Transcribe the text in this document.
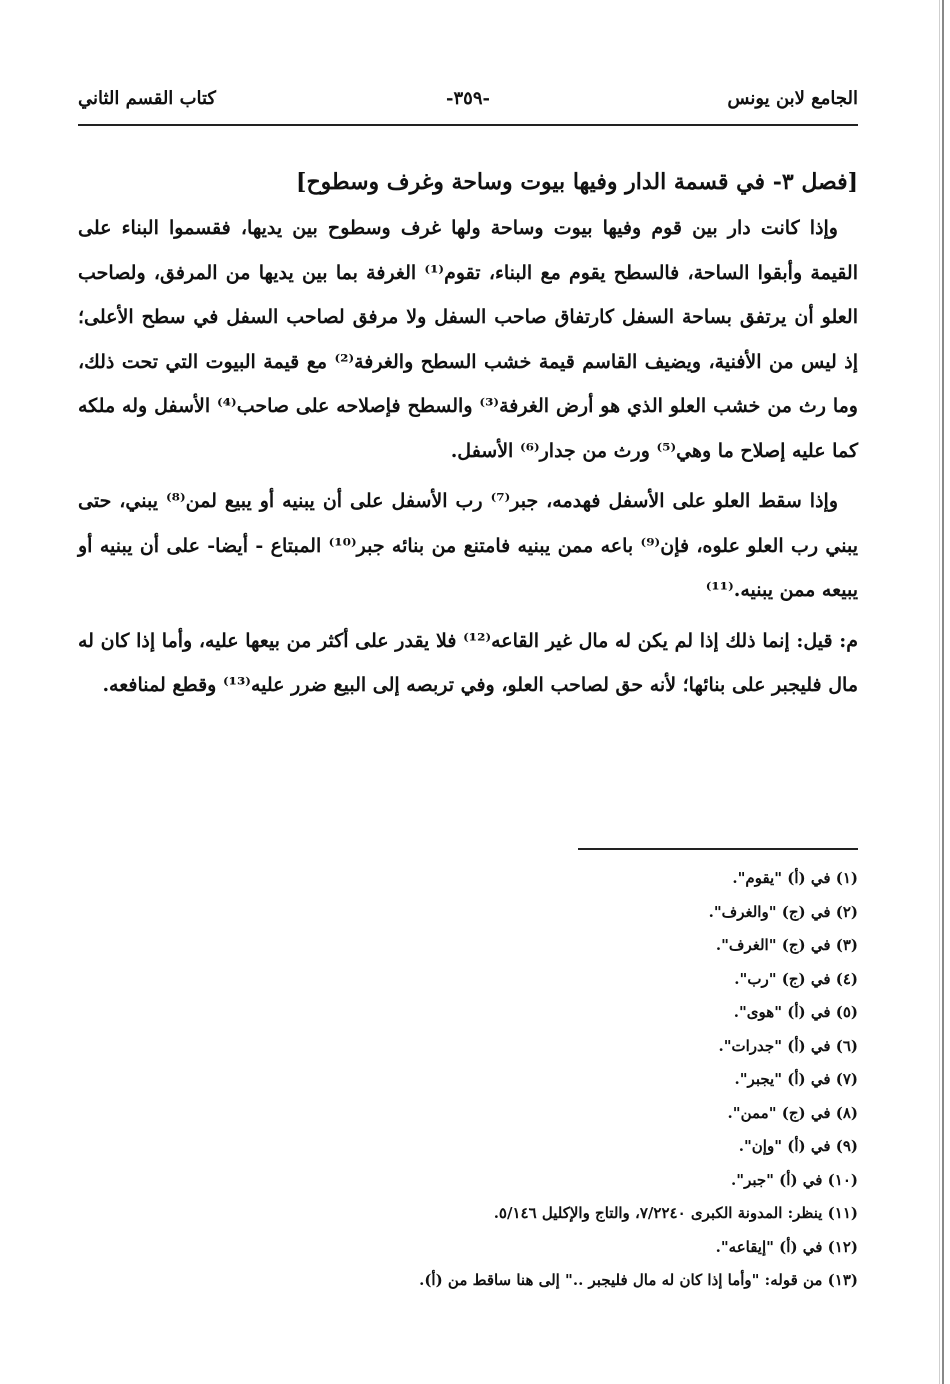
الجامع لابن يونس
-٣٥٩-
كتاب القسم الثاني

[فصل ٣- في قسمة الدار وفيها بيوت وساحة وغرف وسطوح]

وإذا كانت دار بين قوم وفيها بيوت وساحة ولها غرف وسطوح بين يديها، فقسموا البناء على القيمة وأبقوا الساحة، فالسطح يقوم مع البناء، تقوم⁽¹⁾ الغرفة بما بين يديها من المرفق، ولصاحب العلو أن يرتفق بساحة السفل كارتفاق صاحب السفل ولا مرفق لصاحب السفل في سطح الأعلى؛ إذ ليس من الأفنية، ويضيف القاسم قيمة خشب السطح والغرفة⁽²⁾ مع قيمة البيوت التي تحت ذلك، وما رث من خشب العلو الذي هو أرض الغرفة⁽³⁾ والسطح فإصلاحه على صاحب⁽⁴⁾ الأسفل وله ملكه كما عليه إصلاح ما وهي⁽⁵⁾ ورث من جدار⁽⁶⁾ الأسفل.

وإذا سقط العلو على الأسفل فهدمه، جبر⁽⁷⁾ رب الأسفل على أن يبنيه أو يبيع لمن⁽⁸⁾ يبني، حتى يبني رب العلو علوه، فإن⁽⁹⁾ باعه ممن يبنيه فامتنع من بنائه جبر⁽¹⁰⁾ المبتاع - أيضا- على أن يبنيه أو يبيعه ممن يبنيه.⁽¹¹⁾

م: قيل: إنما ذلك إذا لم يكن له مال غير القاعه⁽¹²⁾ فلا يقدر على أكثر من بيعها عليه، وأما إذا كان له مال فليجبر على بنائها؛ لأنه حق لصاحب العلو، وفي تربصه إلى البيع ضرر عليه⁽¹³⁾ وقطع لمنافعه.

(١) في (أ) "يقوم".
(٢) في (ج) "والغرف".
(٣) في (ج) "الغرف".
(٤) في (ج) "رب".
(٥) في (أ) "هوى".
(٦) في (أ) "جدرات".
(٧) في (أ) "يجبر".
(٨) في (ج) "ممن".
(٩) في (أ) "وإن".
(١٠) في (أ) "جبر".
(١١) ينظر: المدونة الكبرى ٧/٢٢٤٠، والتاج والإكليل ٥/١٤٦.
(١٢) في (أ) "إيقاعه".
(١٣) من قوله: "وأما إذا كان له مال فليجبر .." إلى هنا ساقط من (أ).
